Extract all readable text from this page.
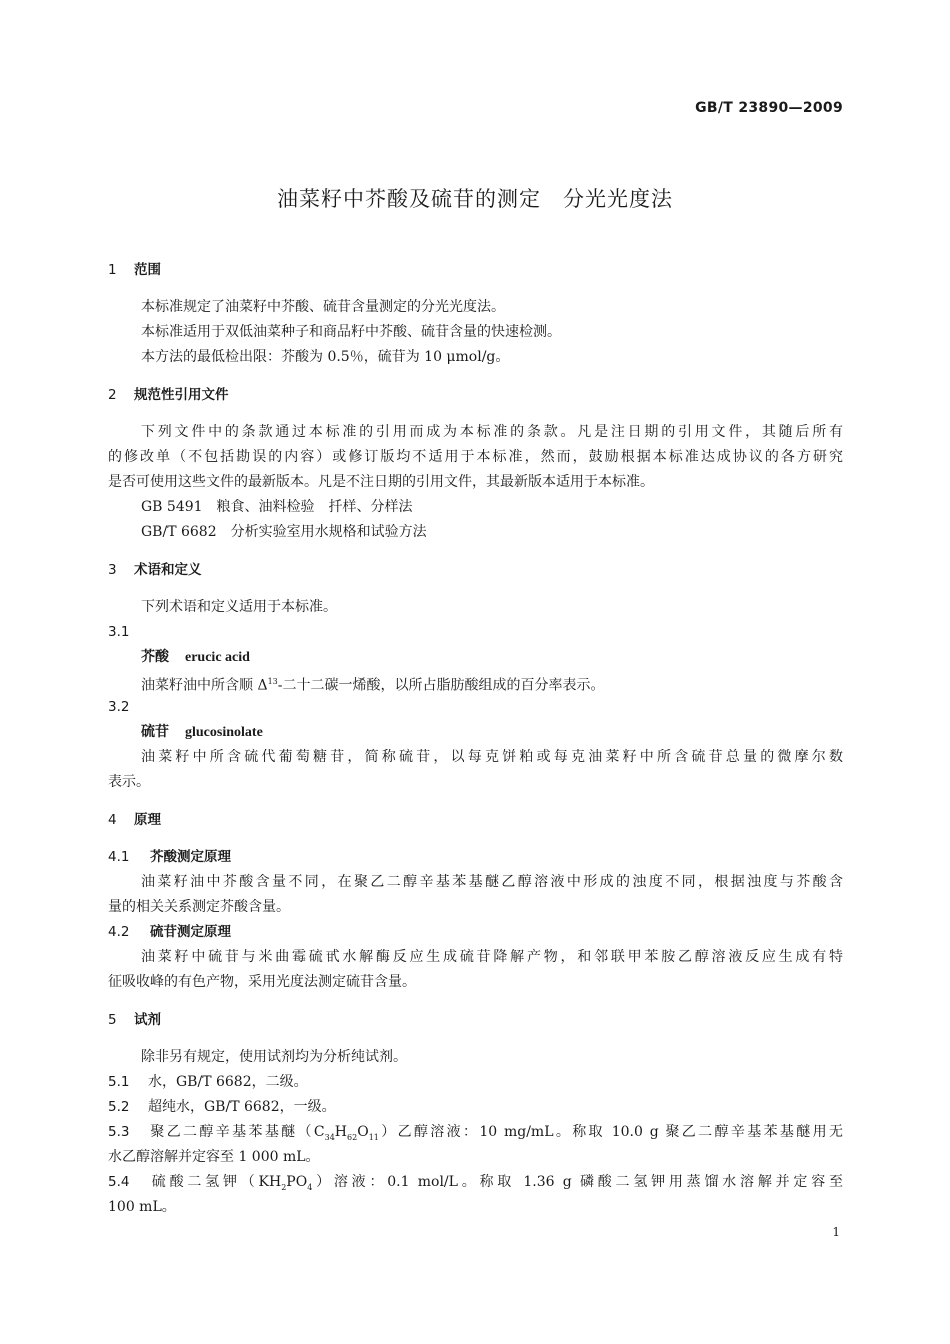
GB/T 23890—2009
油菜籽中芥酸及硫苷的测定　分光光度法
1 范围
本标准规定了油菜籽中芥酸、硫苷含量测定的分光光度法。
本标准适用于双低油菜种子和商品籽中芥酸、硫苷含量的快速检测。
本方法的最低检出限：芥酸为 0.5％，硫苷为 10 μmol/g。
2 规范性引用文件
下列文件中的条款通过本标准的引用而成为本标准的条款。凡是注日期的引用文件，其随后所有
的修改单（不包括勘误的内容）或修订版均不适用于本标准，然而，鼓励根据本标准达成协议的各方研究
是否可使用这些文件的最新版本。凡是不注日期的引用文件，其最新版本适用于本标准。
GB 5491　粮食、油料检验　扦样、分样法
GB/T 6682　分析实验室用水规格和试验方法
3 术语和定义
下列术语和定义适用于本标准。
3.1
芥酸 erucic acid
油菜籽油中所含顺 $\Delta^{13}-$二十二碳一烯酸，以所占脂肪酸组成的百分率表示。
3.2
硫苷 glucosinolate
油菜籽中所含硫代葡萄糖苷，简称硫苷，以每克饼粕或每克油菜籽中所含硫苷总量的微摩尔数
表示。
4 原理
4.1 芥酸测定原理
油菜籽油中芥酸含量不同，在聚乙二醇辛基苯基醚乙醇溶液中形成的浊度不同，根据浊度与芥酸含
量的相关关系测定芥酸含量。
4.2 硫苷测定原理
油菜籽中硫苷与米曲霉硫甙水解酶反应生成硫苷降解产物，和邻联甲苯胺乙醇溶液反应生成有特
征吸收峰的有色产物，采用光度法测定硫苷含量。
5 试剂
除非另有规定，使用试剂均为分析纯试剂。
5.1 水，GB/T 6682，二级。
5.2 超纯水，GB/T 6682，一级。
5.3 聚乙二醇辛基苯基醚$(C_{34}H_{62}O_{11})$乙醇溶液：10 mg/mL。称取 10.0 g 聚乙二醇辛基苯基醚用无
水乙醇溶解并定容至 1 000 mL。
5.4 硫酸二氢钾$(KH_2PO_4)$溶液：0.1 mol/L。称取 1.36 g 磷酸二氢钾用蒸馏水溶解并定容至
100 mL。
1
